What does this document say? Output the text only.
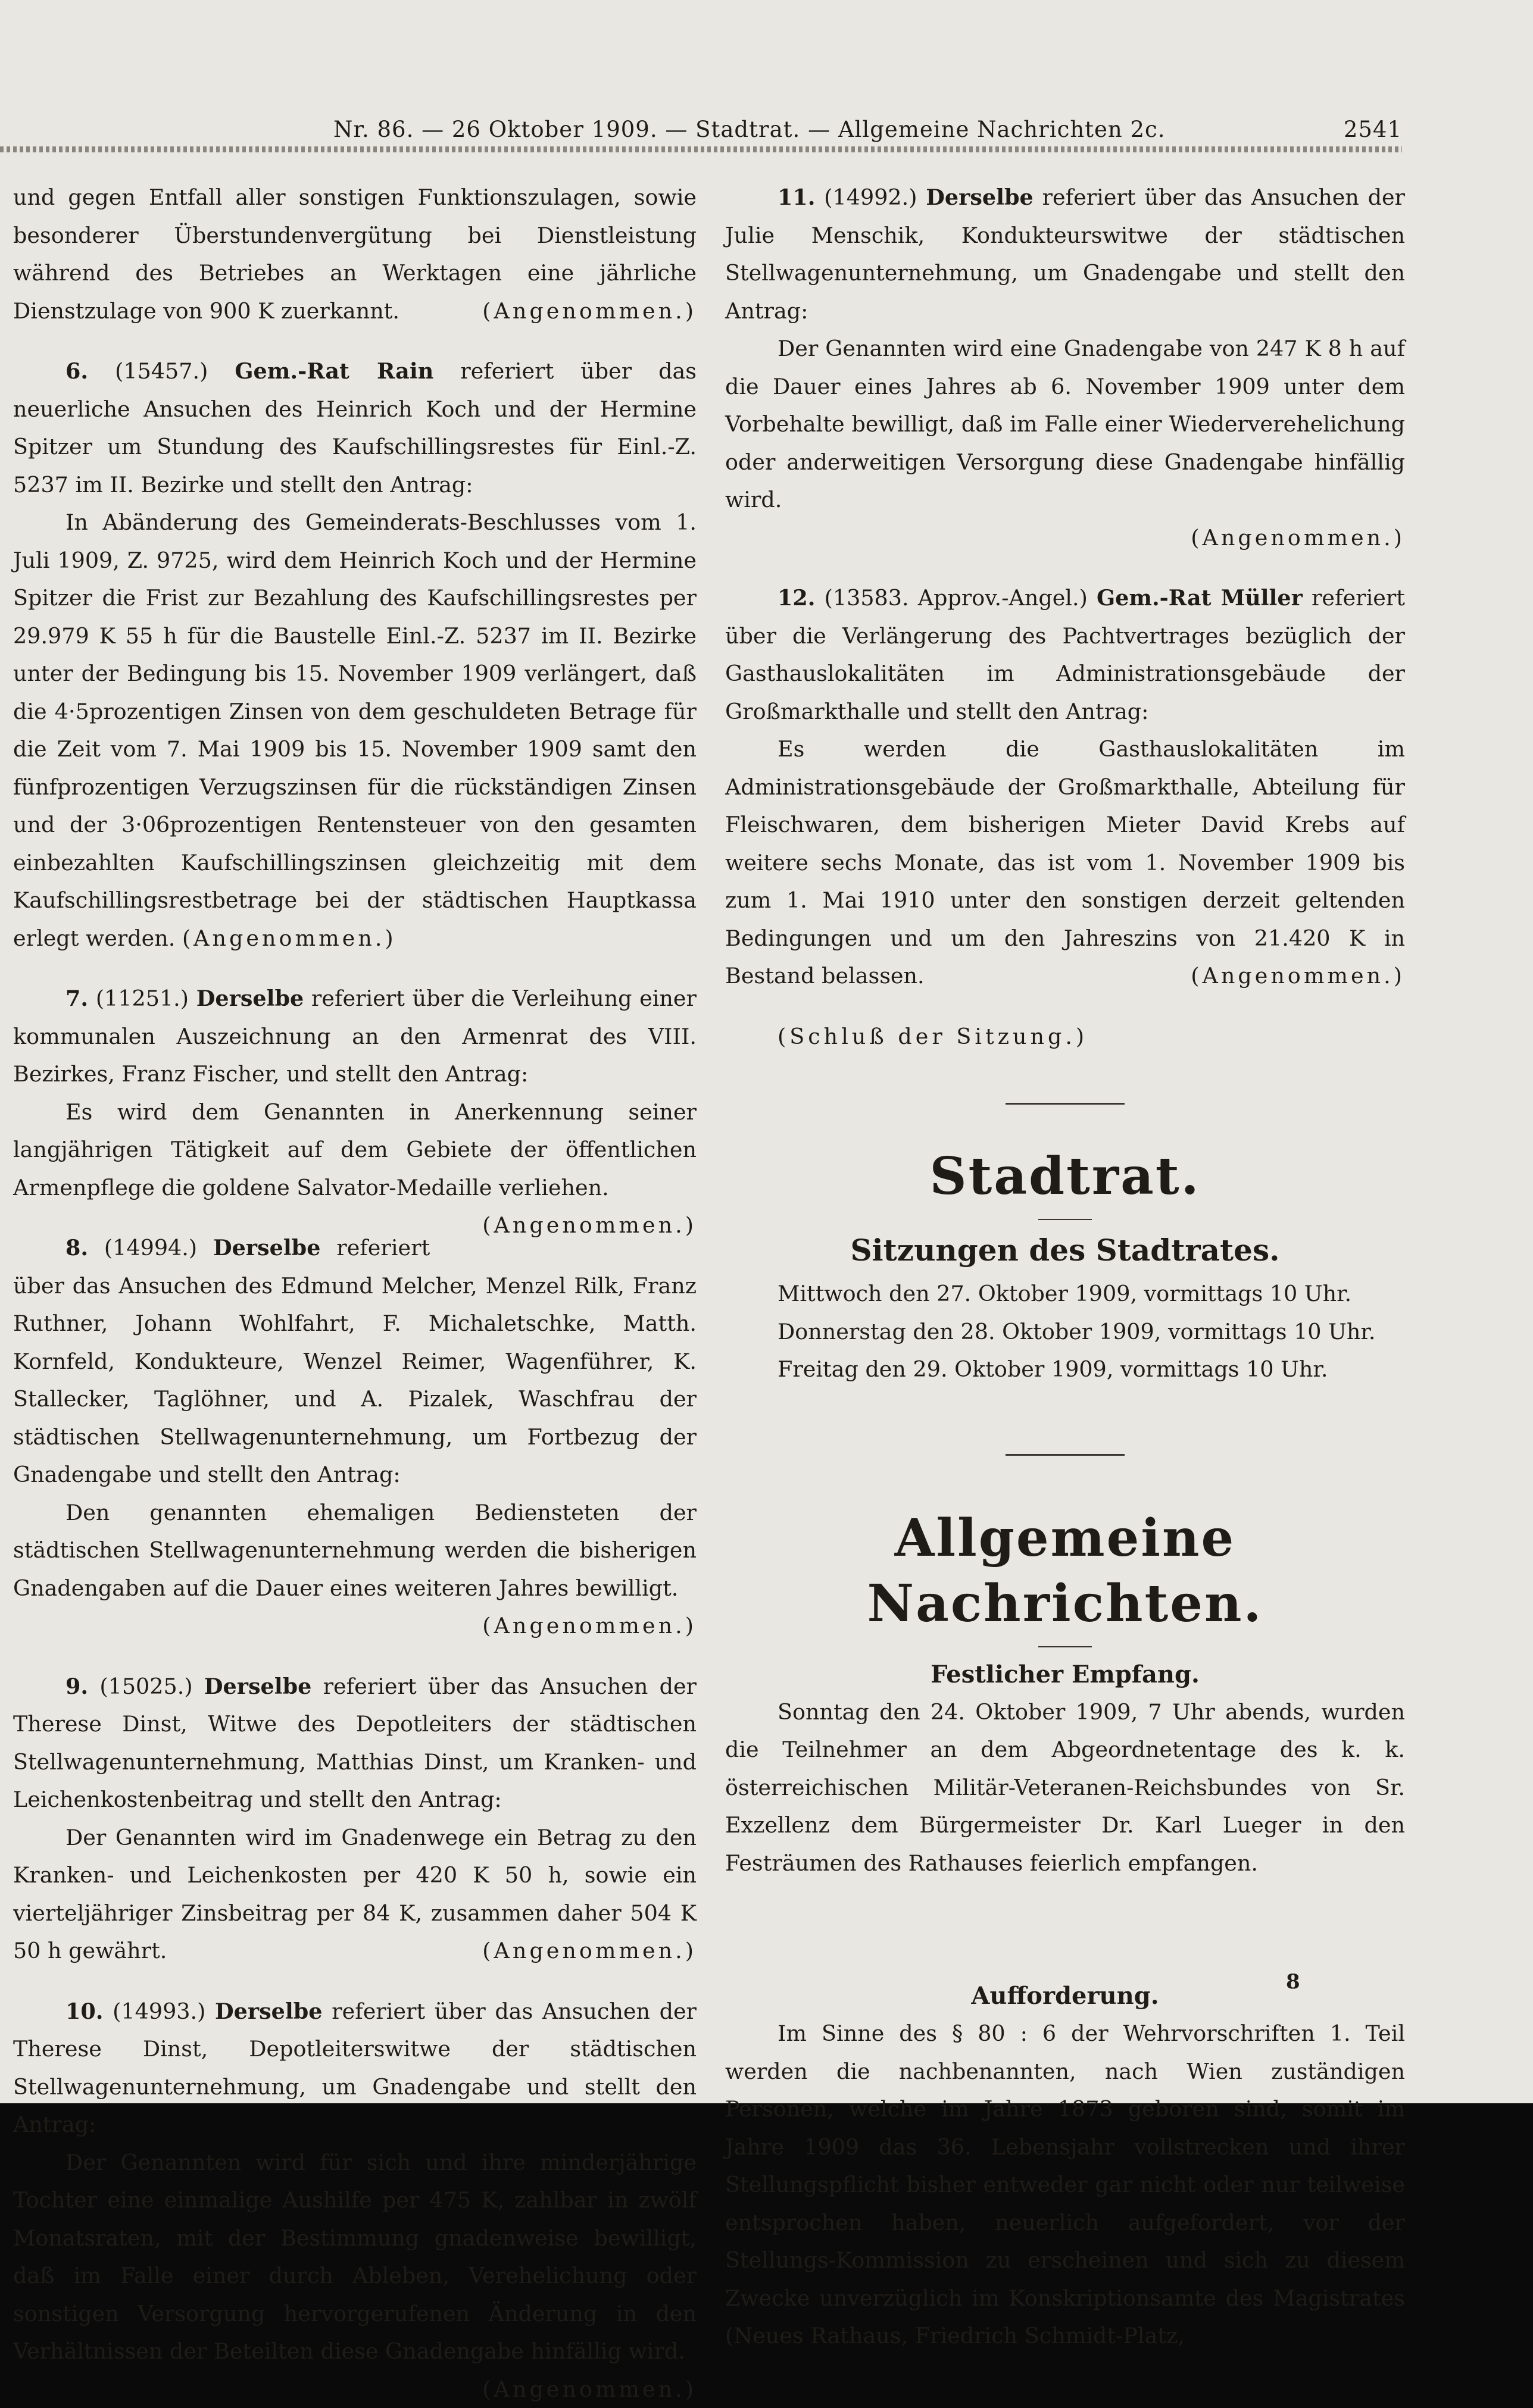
Nr. 86. — 26 Oktober 1909. — Stadtrat. — Allgemeine Nachrichten 2c.	2541

und gegen Entfall aller sonstigen Funktionszulagen, sowie besonderer Überstundenvergütung bei Dienstleistung während des Betriebes an Werktagen eine jährliche Dienstzulage von 900 K zuerkannt.	(Angenommen.)

6. (15457.) Gem.-Rat Rain referiert über das neuerliche Ansuchen des Heinrich Koch und der Hermine Spitzer um Stundung des Kaufschillingsrestes für Einl.-Z. 5237 im II. Bezirke und stellt den Antrag:

In Abänderung des Gemeinderats-Beschlusses vom 1. Juli 1909, Z. 9725, wird dem Heinrich Koch und der Hermine Spitzer die Frist zur Bezahlung des Kaufschillingsrestes per 29.979 K 55 h für die Baustelle Einl.-Z. 5237 im II. Bezirke unter der Bedingung bis 15. November 1909 verlängert, daß die 4·5prozentigen Zinsen von dem geschuldeten Betrage für die Zeit vom 7. Mai 1909 bis 15. November 1909 samt den fünfprozentigen Verzugszinsen für die rückständigen Zinsen und der 3·06prozentigen Rentensteuer von den gesamten einbezahlten Kaufschillingszinsen gleichzeitig mit dem Kaufschillingsrestbetrage bei der städtischen Hauptkassa erlegt werden. (Angenommen.)

7. (11251.) Derselbe referiert über die Verleihung einer kommunalen Auszeichnung an den Armenrat des VIII. Bezirkes, Franz Fischer, und stellt den Antrag:

Es wird dem Genannten in Anerkennung seiner langjährigen Tätigkeit auf dem Gebiete der öffentlichen Armenpflege die goldene Salvator-Medaille verliehen.
(Angenommen.)

8. (14994.) Derselbe referiert über das Ansuchen des Edmund Melcher, Menzel Rilk, Franz Ruthner, Johann Wohlfahrt, F. Michaletschke, Matth. Kornfeld, Kondukteure, Wenzel Reimer, Wagenführer, K. Stallecker, Taglöhner, und A. Pizalek, Waschfrau der städtischen Stellwagenunternehmung, um Fortbezug der Gnadengabe und stellt den Antrag:

Den genannten ehemaligen Bediensteten der städtischen Stellwagenunternehmung werden die bisherigen Gnadengaben auf die Dauer eines weiteren Jahres bewilligt.

(Angenommen.)

9. (15025.) Derselbe referiert über das Ansuchen der Therese Dinst, Witwe des Depotleiters der städtischen Stellwagenunternehmung, Matthias Dinst, um Kranken- und Leichenkostenbeitrag und stellt den Antrag:

Der Genannten wird im Gnadenwege ein Betrag zu den Kranken- und Leichenkosten per 420 K 50 h, sowie ein vierteljähriger Zinsbeitrag per 84 K, zusammen daher 504 K 50 h gewährt.	(Angenommen.)

10. (14993.) Derselbe referiert über das Ansuchen der Therese Dinst, Depotleiterswitwe der städtischen Stellwagenunternehmung, um Gnadengabe und stellt den Antrag:

Der Genannten wird für sich und ihre minderjährige Tochter eine einmalige Aushilfe per 475 K, zahlbar in zwölf Monatsraten, mit der Bestimmung gnadenweise bewilligt, daß im Falle einer durch Ableben, Verehelichung oder sonstigen Versorgung hervorgerufenen Änderung in den Verhältnissen der Beteilten diese Gnadengabe hinfällig wird.
(Angenommen.)

11. (14992.) Derselbe referiert über das Ansuchen der Julie Menschik, Kondukteurswitwe der städtischen Stellwagenunternehmung, um Gnadengabe und stellt den Antrag:

Der Genannten wird eine Gnadengabe von 247 K 8 h auf die Dauer eines Jahres ab 6. November 1909 unter dem Vorbehalte bewilligt, daß im Falle einer Wiederverehelichung oder anderweitigen Versorgung diese Gnadengabe hinfällig wird.

(Angenommen.)

12. (13583. Approv.-Angel.) Gem.-Rat Müller referiert über die Verlängerung des Pachtvertrages bezüglich der Gasthauslokalitäten im Administrationsgebäude der Großmarkthalle und stellt den Antrag:

Es werden die Gasthauslokalitäten im Administrationsgebäude der Großmarkthalle, Abteilung für Fleischwaren, dem bisherigen Mieter David Krebs auf weitere sechs Monate, das ist vom 1. November 1909 bis zum 1. Mai 1910 unter den sonstigen derzeit geltenden Bedingungen und um den Jahreszins von 21.420 K in Bestand belassen.	(Angenommen.)

(Schluß der Sitzung.)

Stadtrat.
Sitzungen des Stadtrates.

Mittwoch den 27. Oktober 1909, vormittags 10 Uhr.

Donnerstag den 28. Oktober 1909, vormittags 10 Uhr.

Freitag den 29. Oktober 1909, vormittags 10 Uhr.

Allgemeine Nachrichten.
Festlicher Empfang.

Sonntag den 24. Oktober 1909, 7 Uhr abends, wurden die Teilnehmer an dem Abgeordnetentage des k. k. österreichischen Militär-Veteranen-Reichsbundes von Sr. Exzellenz dem Bürgermeister Dr. Karl Lueger in den Festräumen des Rathauses feierlich empfangen.

Aufforderung.

Im Sinne des § 80 : 6 der Wehrvorschriften 1. Teil werden die nachbenannten, nach Wien zuständigen Personen, welche im Jahre 1873 geboren sind, somit im Jahre 1909 das 36. Lebensjahr vollstrecken und ihrer Stellungspflicht bisher entweder gar nicht oder nur teilweise entsprochen haben, neuerlich aufgefordert, vor der Stellungs-Kommission zu erscheinen und sich zu diesem Zwecke unverzüglich im Konskriptionsamte des Magistrates (Neues Rathaus, Friedrich Schmidt-Platz,

8
